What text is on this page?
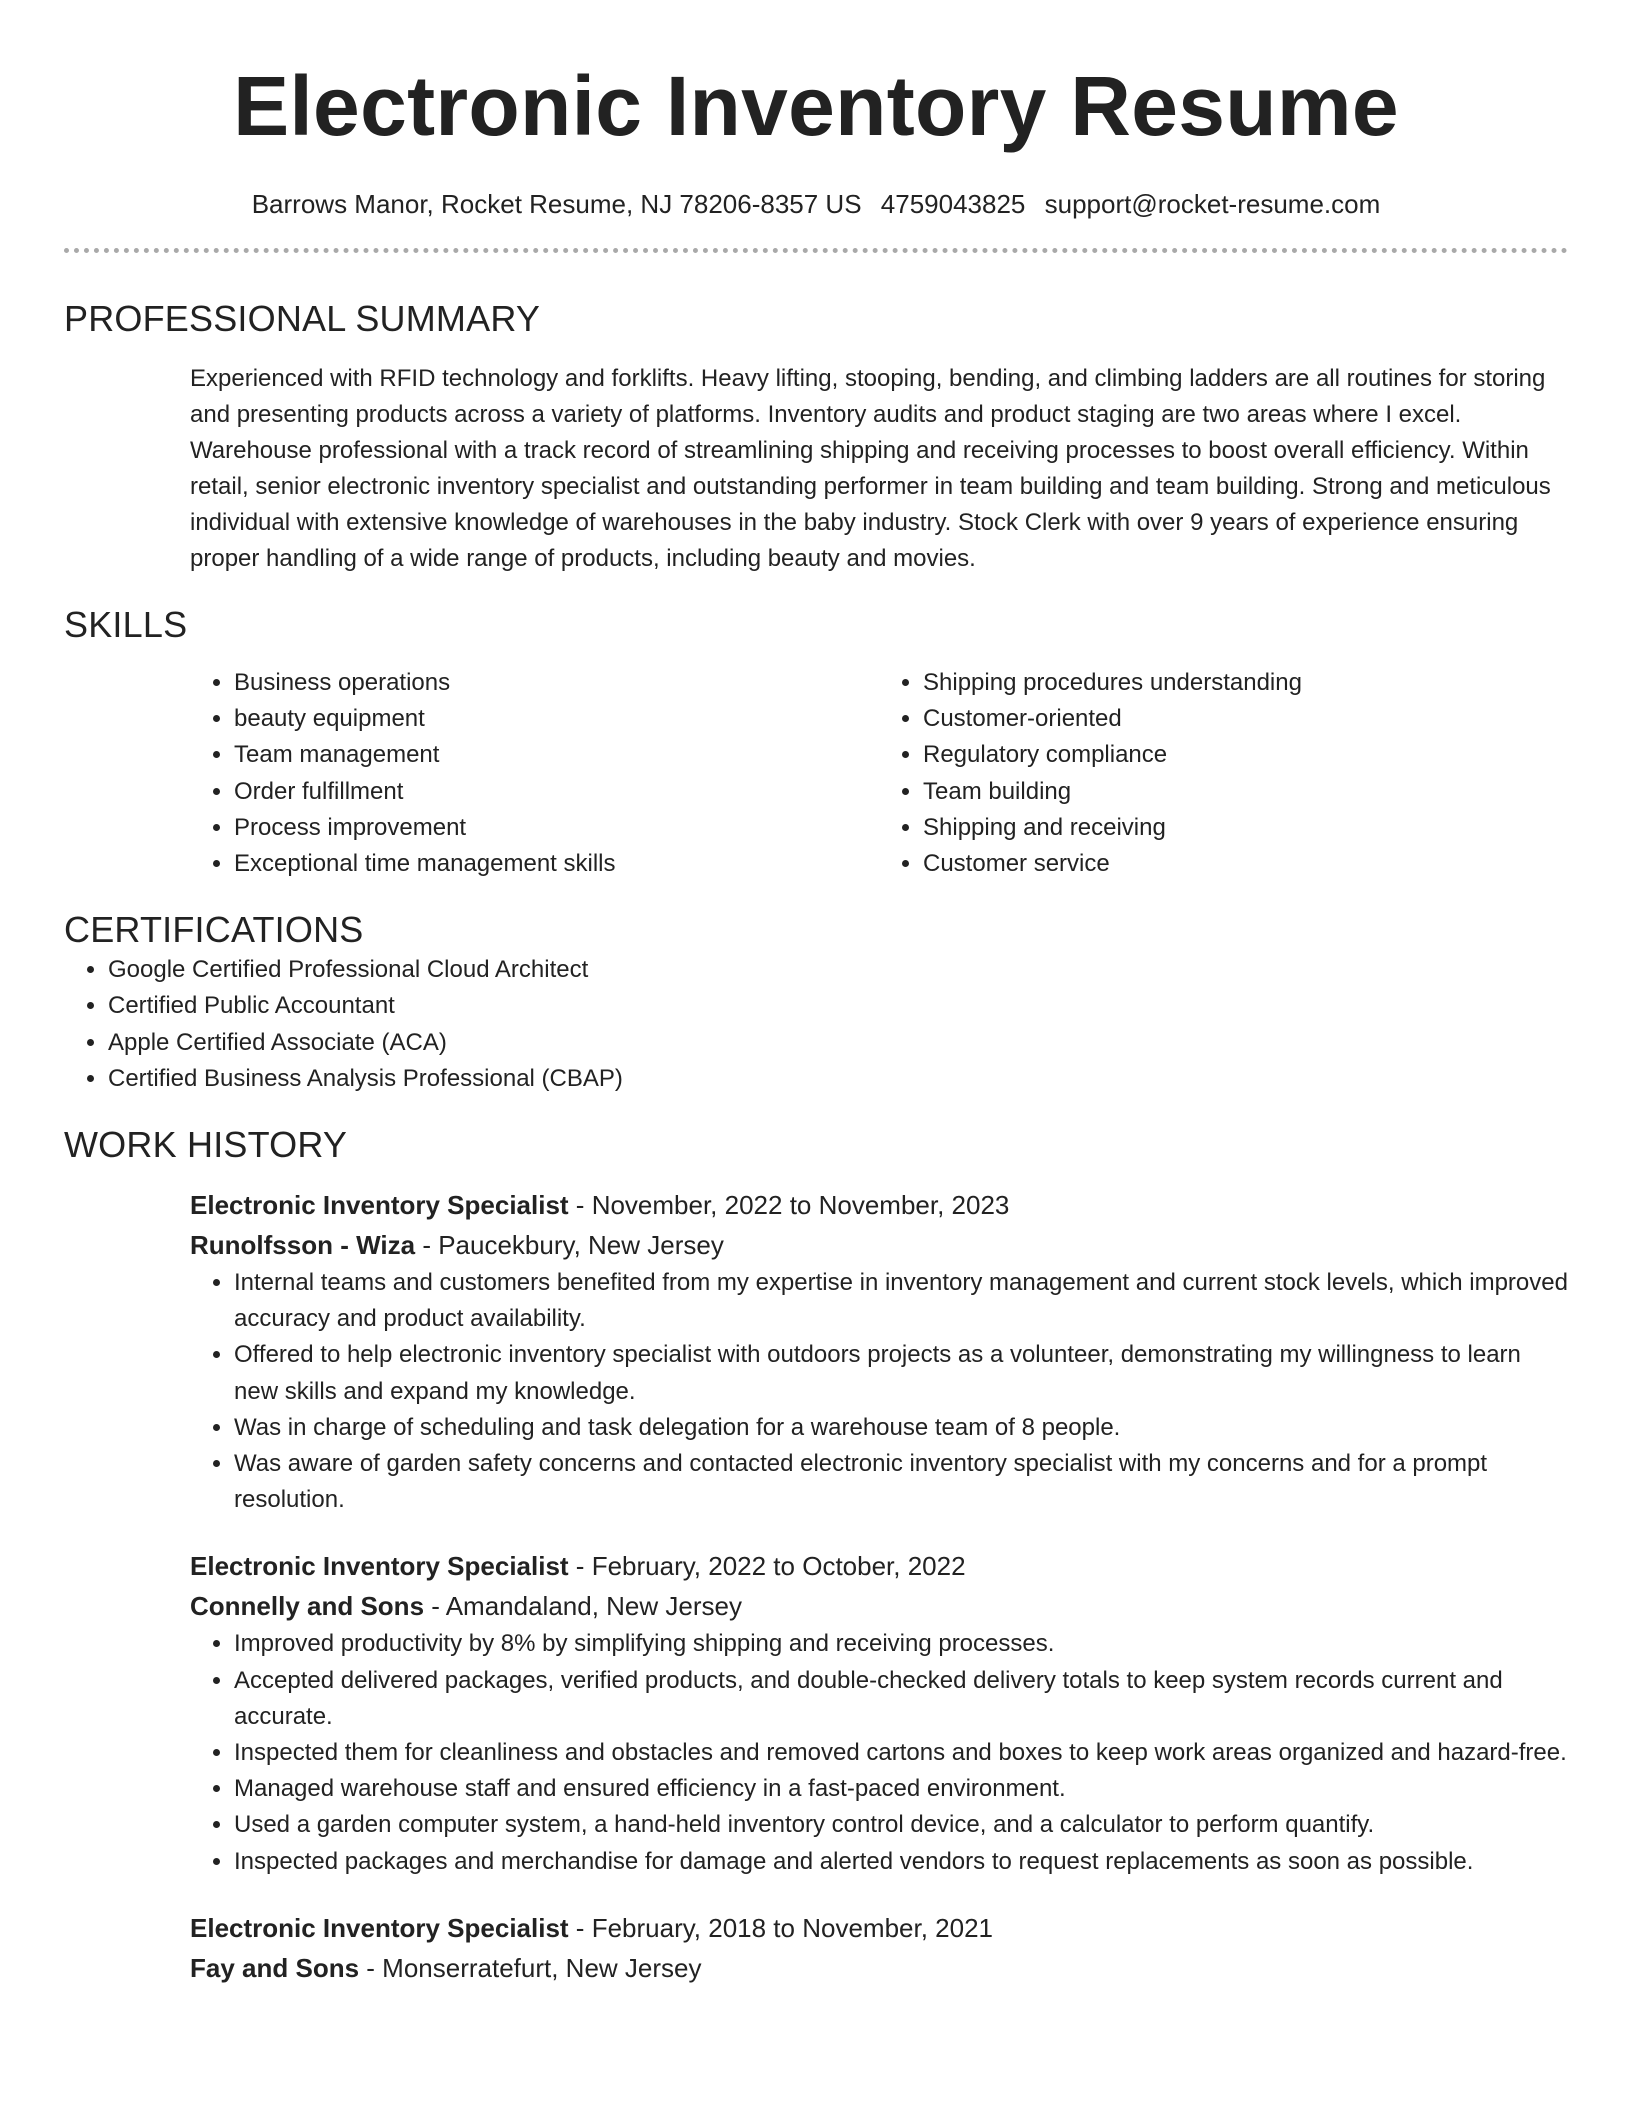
Electronic Inventory Resume
Barrows Manor, Rocket Resume, NJ 78206-8357 US 4759043825 support@rocket-resume.com
PROFESSIONAL SUMMARY
Experienced with RFID technology and forklifts. Heavy lifting, stooping, bending, and climbing ladders are all routines for storing and presenting products across a variety of platforms. Inventory audits and product staging are two areas where I excel. Warehouse professional with a track record of streamlining shipping and receiving processes to boost overall efficiency. Within retail, senior electronic inventory specialist and outstanding performer in team building and team building. Strong and meticulous individual with extensive knowledge of warehouses in the baby industry. Stock Clerk with over 9 years of experience ensuring proper handling of a wide range of products, including beauty and movies.
SKILLS
• Business operations
• beauty equipment
• Team management
• Order fulfillment
• Process improvement
• Exceptional time management skills
• Shipping procedures understanding
• Customer-oriented
• Regulatory compliance
• Team building
• Shipping and receiving
• Customer service
CERTIFICATIONS
• Google Certified Professional Cloud Architect
• Certified Public Accountant
• Apple Certified Associate (ACA)
• Certified Business Analysis Professional (CBAP)
WORK HISTORY
Electronic Inventory Specialist - November, 2022 to November, 2023
Runolfsson - Wiza - Paucekbury, New Jersey
• Internal teams and customers benefited from my expertise in inventory management and current stock levels, which improved accuracy and product availability.
• Offered to help electronic inventory specialist with outdoors projects as a volunteer, demonstrating my willingness to learn new skills and expand my knowledge.
• Was in charge of scheduling and task delegation for a warehouse team of 8 people.
• Was aware of garden safety concerns and contacted electronic inventory specialist with my concerns and for a prompt resolution.
Electronic Inventory Specialist - February, 2022 to October, 2022
Connelly and Sons - Amandaland, New Jersey
• Improved productivity by 8% by simplifying shipping and receiving processes.
• Accepted delivered packages, verified products, and double-checked delivery totals to keep system records current and accurate.
• Inspected them for cleanliness and obstacles and removed cartons and boxes to keep work areas organized and hazard-free.
• Managed warehouse staff and ensured efficiency in a fast-paced environment.
• Used a garden computer system, a hand-held inventory control device, and a calculator to perform quantify.
• Inspected packages and merchandise for damage and alerted vendors to request replacements as soon as possible.
Electronic Inventory Specialist - February, 2018 to November, 2021
Fay and Sons - Monserratefurt, New Jersey
